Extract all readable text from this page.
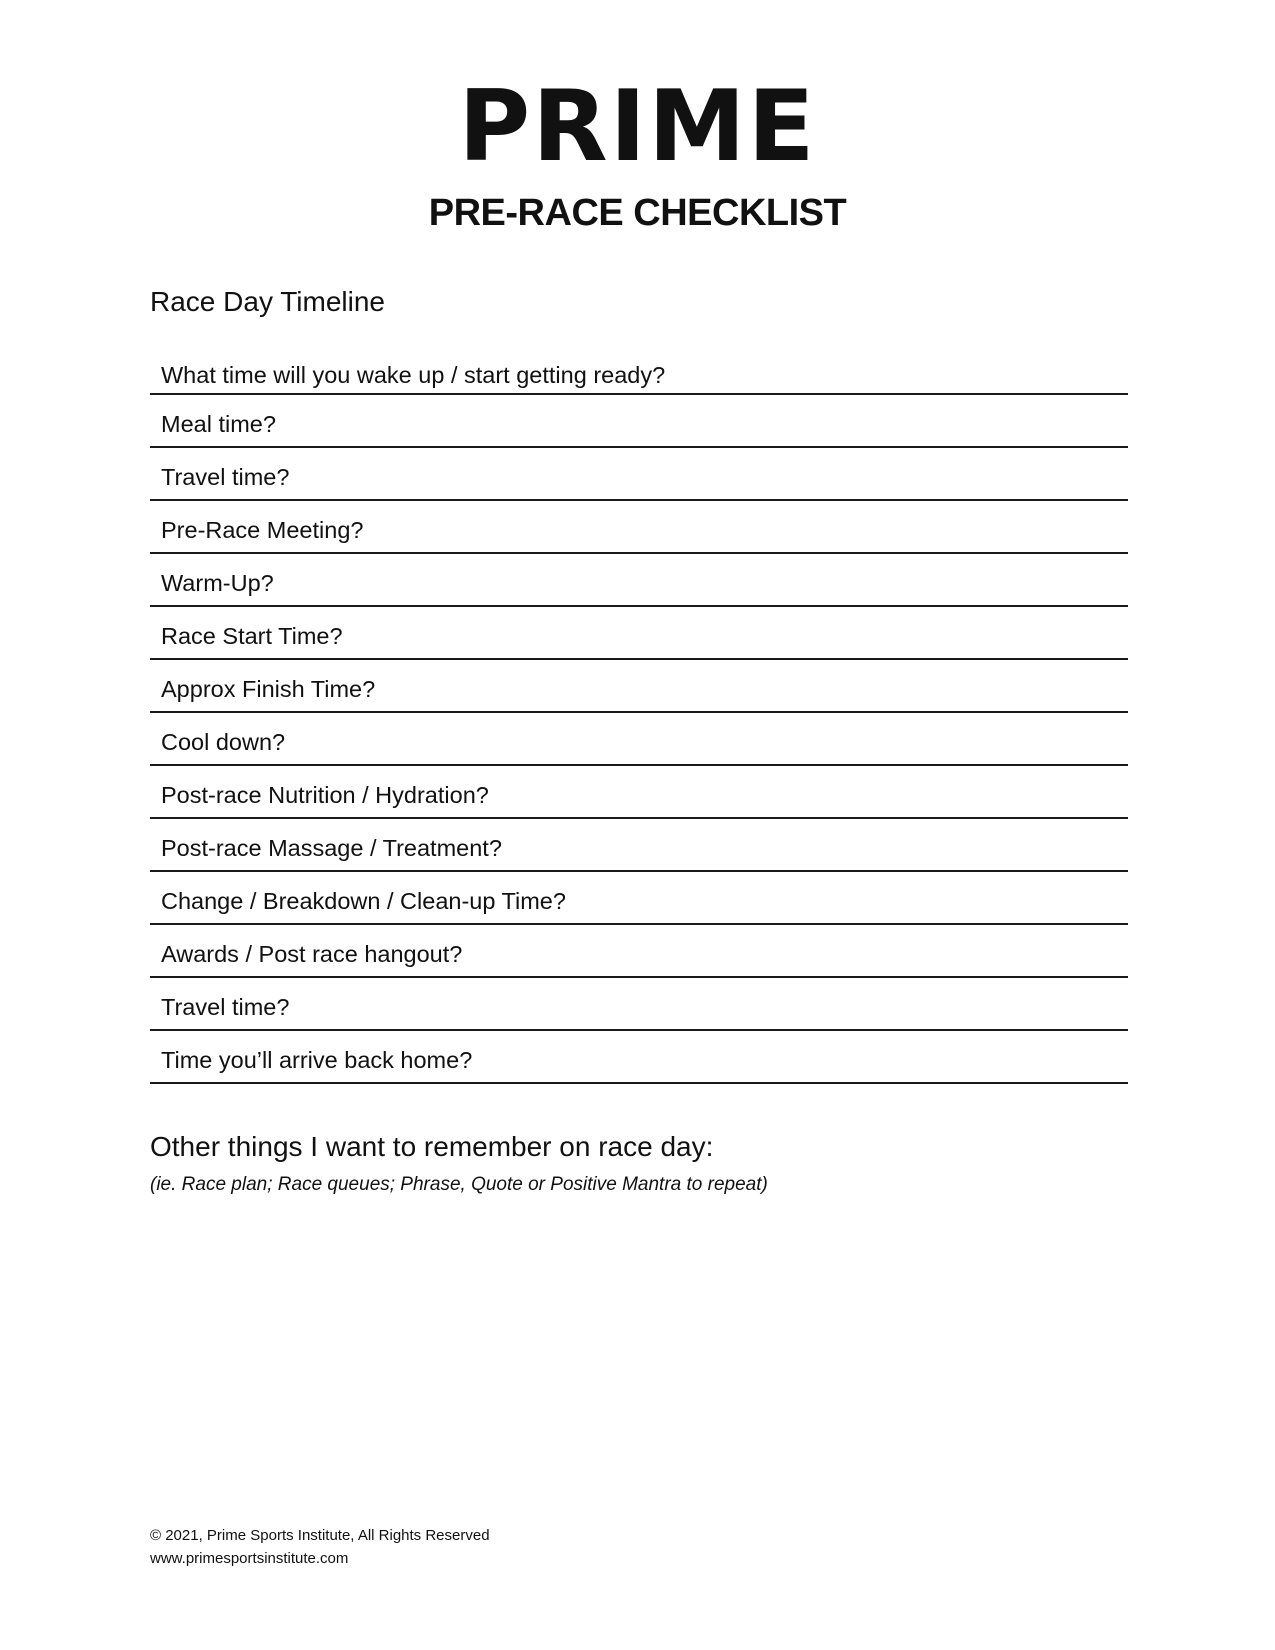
PRIME
PRE-RACE CHECKLIST
Race Day Timeline
What time will you wake up / start getting ready?
Meal time?
Travel time?
Pre-Race Meeting?
Warm-Up?
Race Start Time?
Approx Finish Time?
Cool down?
Post-race Nutrition / Hydration?
Post-race Massage / Treatment?
Change / Breakdown / Clean-up Time?
Awards / Post race hangout?
Travel time?
Time you’ll arrive back home?
Other things I want to remember on race day:
(ie. Race plan; Race queues; Phrase, Quote or Positive Mantra to repeat)
© 2021, Prime Sports Institute, All Rights Reserved
www.primesportsinstitute.com
